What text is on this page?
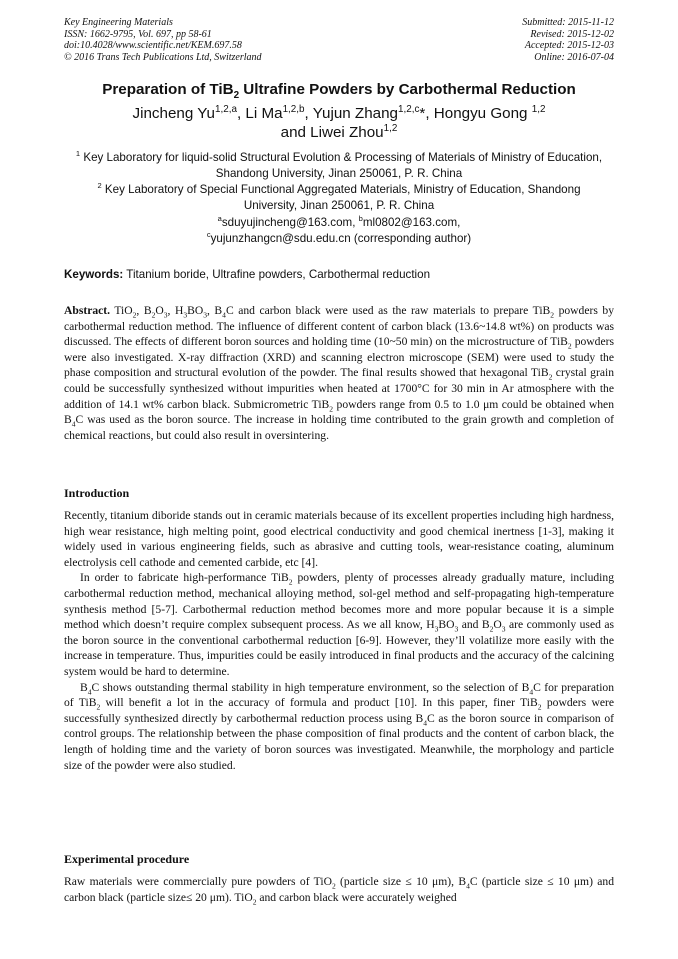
Key Engineering Materials
ISSN: 1662-9795, Vol. 697, pp 58-61
doi:10.4028/www.scientific.net/KEM.697.58
© 2016 Trans Tech Publications Ltd, Switzerland
Submitted: 2015-11-12
Revised: 2015-12-02
Accepted: 2015-12-03
Online: 2016-07-04
Preparation of TiB$_2$ Ultrafine Powders by Carbothermal Reduction
Jincheng Yu$^{1,2,a}$, Li Ma$^{1,2,b}$, Yujun Zhang$^{1,2,c}$*, Hongyu Gong $^{1,2}$
and Liwei Zhou$^{1,2}$
$^1$ Key Laboratory for liquid-solid Structural Evolution & Processing of Materials of Ministry of Education, Shandong University, Jinan 250061, P. R. China
$^2$ Key Laboratory of Special Functional Aggregated Materials, Ministry of Education, Shandong University, Jinan 250061, P. R. China
$^a$sduyujincheng@163.com, $^b$ml0802@163.com,
$^c$yujunzhangcn@sdu.edu.cn (corresponding author)
Keywords: Titanium boride, Ultrafine powders, Carbothermal reduction
Abstract. TiO$_2$, $B_2O_3$, $H_3BO_3$, $B_4C$ and carbon black were used as the raw materials to prepare TiB$_2$ powders by carbothermal reduction method. The influence of different content of carbon black (13.6~14.8 wt%) on products was discussed. The effects of different boron sources and holding time (10~50 min) on the microstructure of TiB$_2$ powders were also investigated. X-ray diffraction (XRD) and scanning electron microscope (SEM) were used to study the phase composition and structural evolution of the powder. The final results showed that hexagonal TiB$_2$ crystal grain could be successfully synthesized without impurities when heated at 1700°C for 30 min in Ar atmosphere with the addition of 14.1 wt% carbon black. Submicrometric TiB$_2$ powders range from 0.5 to 1.0 μm could be obtained when $B_4C$ was used as the boron source. The increase in holding time contributed to the grain growth and completion of chemical reactions, but could also result in oversintering.
Introduction

Recently, titanium diboride stands out in ceramic materials because of its excellent properties including high hardness, high wear resistance, high melting point, good electrical conductivity and good chemical inertness [1-3], making it widely used in various engineering fields, such as abrasive and cutting tools, wear-resistance coating, aluminum electrolysis cell cathode and cemented carbide, etc [4].

In order to fabricate high-performance TiB$_2$ powders, plenty of processes already gradually mature, including carbothermal reduction method, mechanical alloying method, sol-gel method and self-propagating high-temperature synthesis method [5-7]. Carbothermal reduction method becomes more and more popular because it is a simple method which doesn’t require complex subsequent process. As we all know, $H_3BO_3$ and $B_2O_3$ are commonly used as the boron source in the conventional carbothermal reduction [6-9]. However, they’ll volatilize more easily with the increase in temperature. Thus, impurities could be easily introduced in final products and the accuracy of the calcining system would be hard to determine.

$B_4C$ shows outstanding thermal stability in high temperature environment, so the selection of $B_4C$ for preparation of TiB$_2$ will benefit a lot in the accuracy of formula and product [10]. In this paper, finer TiB$_2$ powders were successfully synthesized directly by carbothermal reduction process using $B_4C$ as the boron source in comparison of control groups. The relationship between the phase composition of final products and the content of carbon black, the length of holding time and the variety of boron sources was investigated. Meanwhile, the morphology and particle size of the powder were also studied.

Experimental procedure
Raw materials were commercially pure powders of TiO$_2$ (particle size ≤ 10 μm), $B_4C$ (particle size ≤ 10 μm) and carbon black (particle size≤ 20 μm). TiO$_2$ and carbon black were accurately weighed
